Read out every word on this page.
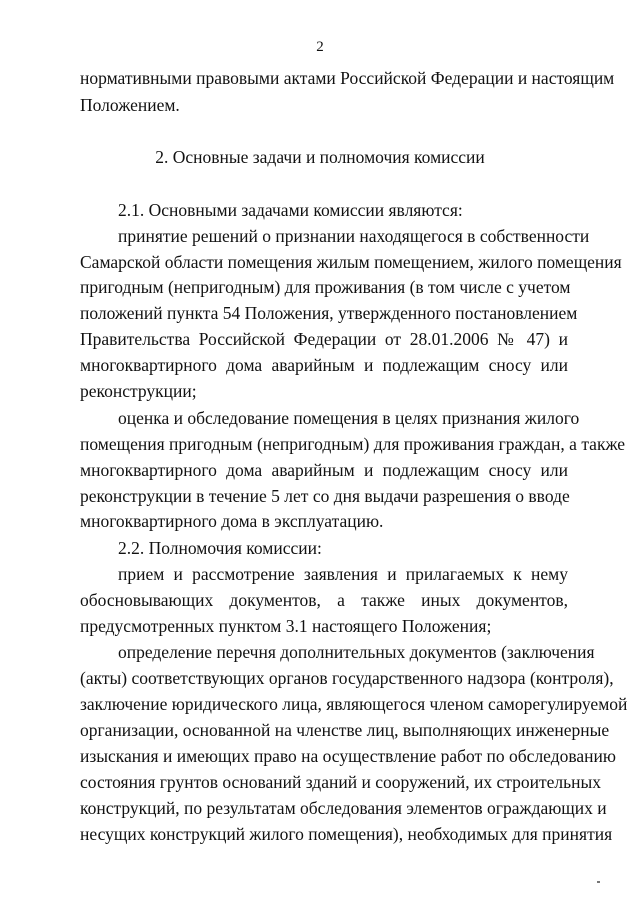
2
нормативными правовыми актами Российской Федерации и настоящим
Положением.
2. Основные задачи и полномочия комиссии
2.1. Основными задачами комиссии являются:
принятие решений о признании находящегося в собственности
Самарской области помещения жилым помещением, жилого помещения
пригодным (непригодным) для проживания (в том числе с учетом
положений пункта 54 Положения, утвержденного постановлением
Правительства Российской Федерации от 28.01.2006 № 47) и
многоквартирного дома аварийным и подлежащим сносу или
реконструкции;
оценка и обследование помещения в целях признания жилого
помещения пригодным (непригодным) для проживания граждан, а также
многоквартирного дома аварийным и подлежащим сносу или
реконструкции в течение 5 лет со дня выдачи разрешения о вводе
многоквартирного дома в эксплуатацию.
2.2. Полномочия комиссии:
прием и рассмотрение заявления и прилагаемых к нему
обосновывающих документов, а также иных документов,
предусмотренных пунктом 3.1 настоящего Положения;
определение перечня дополнительных документов (заключения
(акты) соответствующих органов государственного надзора (контроля),
заключение юридического лица, являющегося членом саморегулируемой
организации, основанной на членстве лиц, выполняющих инженерные
изыскания и имеющих право на осуществление работ по обследованию
состояния грунтов оснований зданий и сооружений, их строительных
конструкций, по результатам обследования элементов ограждающих и
несущих конструкций жилого помещения), необходимых для принятия
